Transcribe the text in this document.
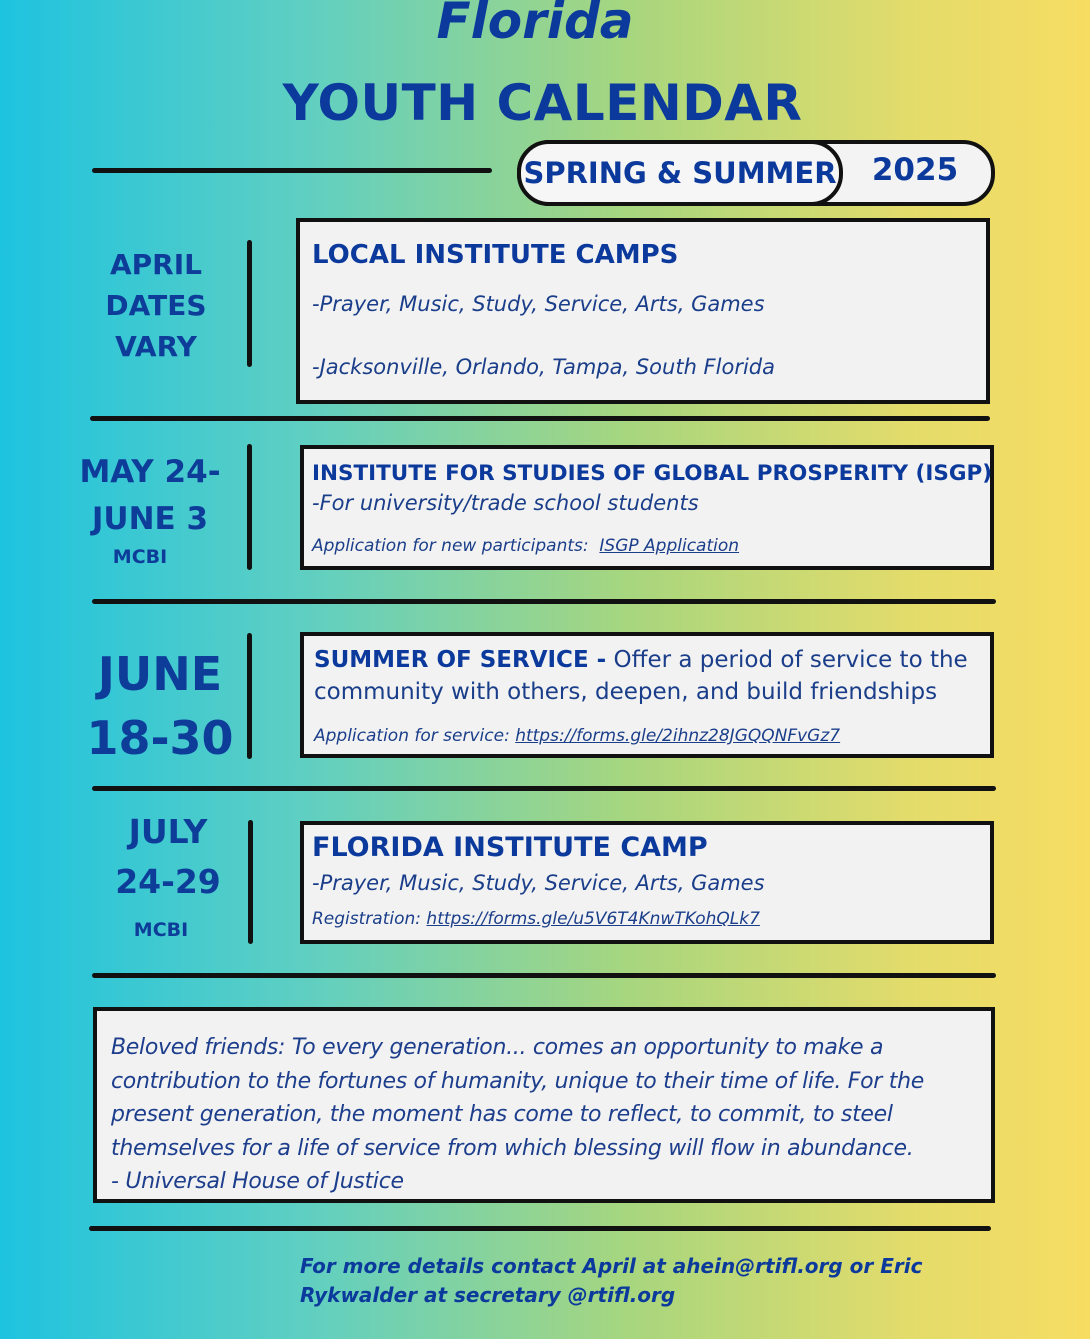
Florida
YOUTH CALENDAR
2025
SPRING & SUMMER
APRIL
DATES
VARY
LOCAL INSTITUTE CAMPS
-Prayer, Music, Study, Service, Arts, Games
-Jacksonville, Orlando, Tampa, South Florida
MAY 24-
JUNE 3
MCBI
INSTITUTE FOR STUDIES OF GLOBAL PROSPERITY (ISGP)
-For university/trade school students
Application for new participants: ISGP Application
JUNE
18-30
SUMMER OF SERVICE - Offer a period of service to the
community with others, deepen, and build friendships
Application for service: https://forms.gle/2ihnz28JGQQNFvGz7
JULY
24-29
MCBI
FLORIDA INSTITUTE CAMP
-Prayer, Music, Study, Service, Arts, Games
Registration: https://forms.gle/u5V6T4KnwTKohQLk7
Beloved friends: To every generation... comes an opportunity to make a
contribution to the fortunes of humanity, unique to their time of life. For the
present generation, the moment has come to reflect, to commit, to steel
themselves for a life of service from which blessing will flow in abundance.
- Universal House of Justice
For more details contact April at ahein@rtifl.org or Eric
Rykwalder at secretary @rtifl.org
